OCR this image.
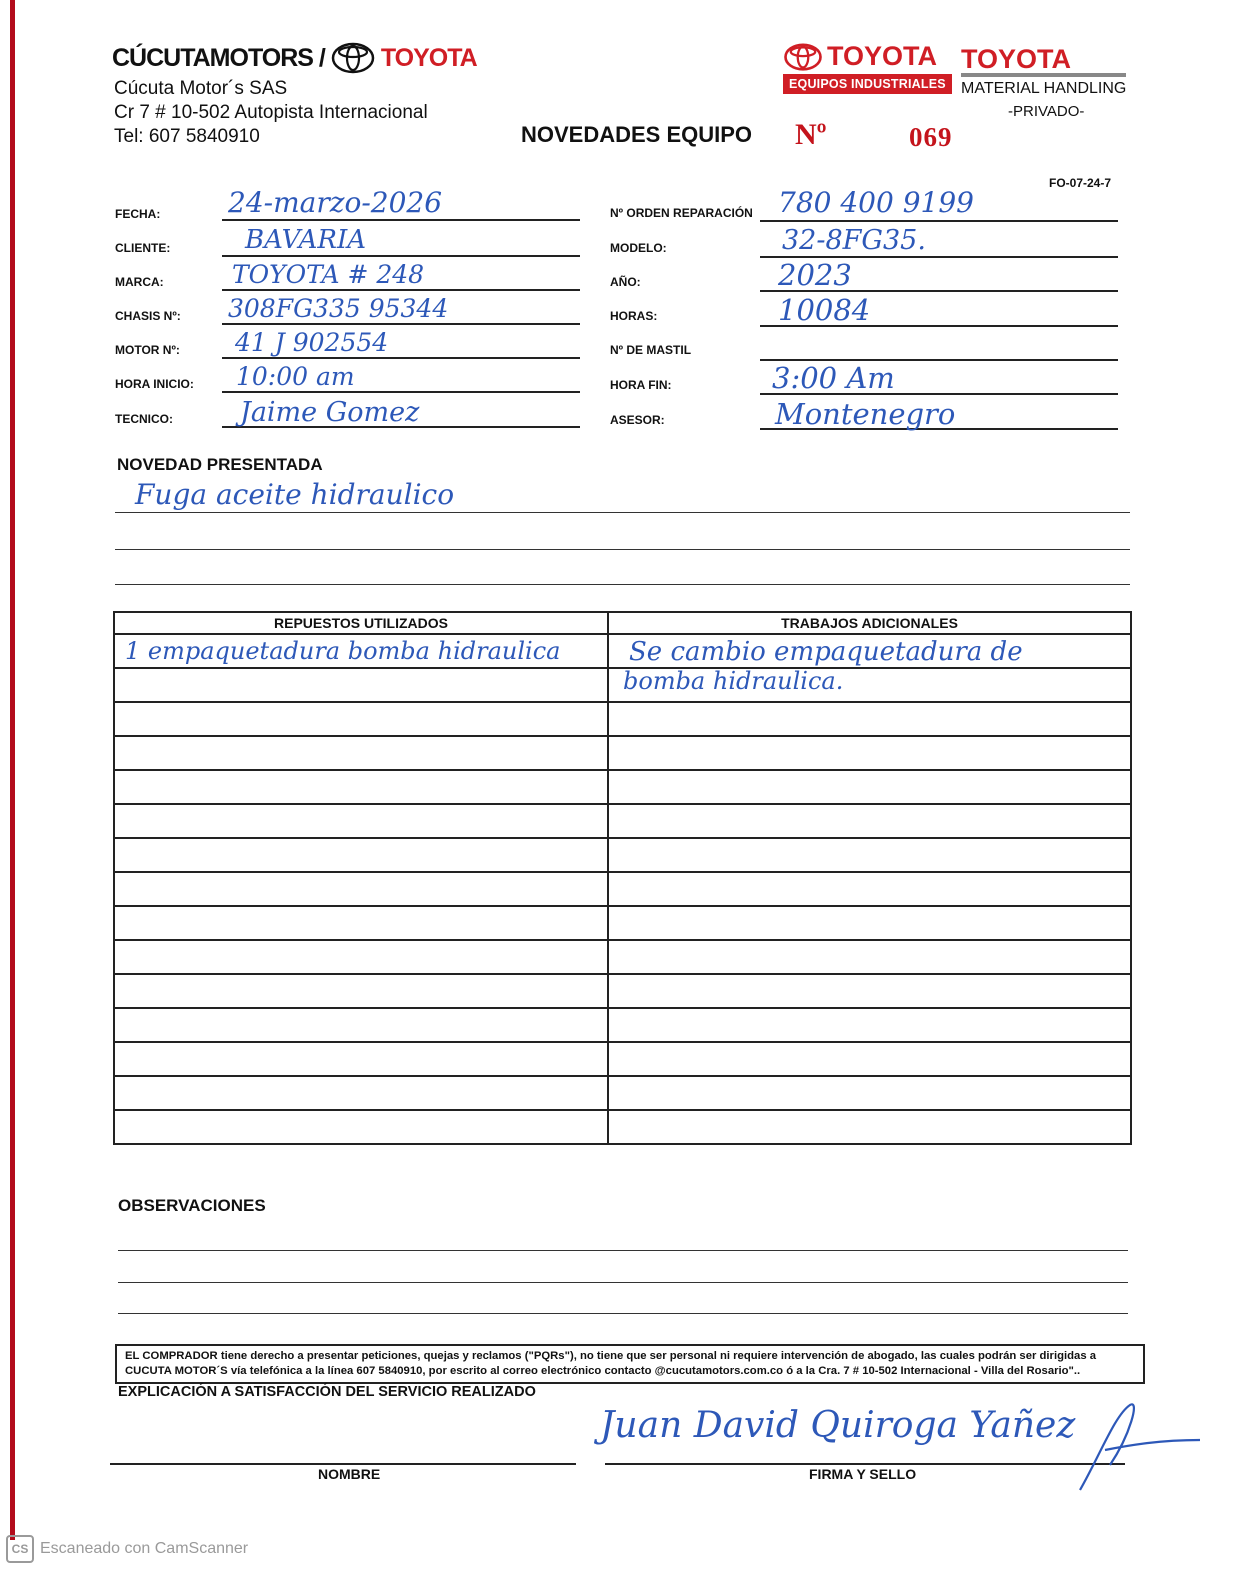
CÚCUTAMOTORS / TOYOTA
Cúcuta Motor´s SAS
Cr 7 # 10-502 Autopista Internacional
Tel: 607 5840910	NOVEDADES EQUIPO Nº	069
TOYOTA
EQUIPOS INDUSTRIALES
TOYOTA
MATERIAL HANDLING
-PRIVADO-
FO-07-24-7
FECHA: 24-marzo-2026
CLIENTE:	BAVARIA
MARCA:	TOYOTA # 248
CHASIS Nº: 308FG335 95344
MOTOR Nº: 41 J 902554
HORA INICIO: 10:00 am
TECNICO: Jaime Gomez
Nº ORDEN REPARACIÓN 780 400 9199
MODELO:	32-8FG35.
AÑO:	2023
HORAS:	10084
Nº DE MASTIL
HORA FIN:	3:00 Am
ASESOR:	Montenegro
NOVEDAD PRESENTADA
Fuga aceite hidraulico
REPUESTOS UTILIZADOS	TRABAJOS ADICIONALES

1 empaquetadura bomba hidraulica	Se cambio empaquetadura de

	bomba hidraulica.

OBSERVACIONES
EL COMPRADOR tiene derecho a presentar peticiones, quejas y reclamos ("PQRs"), no tiene que ser personal ni requiere intervención de abogado, las cuales podrán ser dirigidas a CUCUTA MOTOR´S vía telefónica a la línea 607 5840910, por escrito al correo electrónico contacto @cucutamotors.com.co ó a la Cra. 7 # 10-502 Internacional - Villa del Rosario"..
EXPLICACIÓN A SATISFACCIÓN DEL SERVICIO REALIZADO
NOMBRE
Juan David Quiroga Yañez
FIRMA Y SELLO
CS Escaneado con CamScanner
